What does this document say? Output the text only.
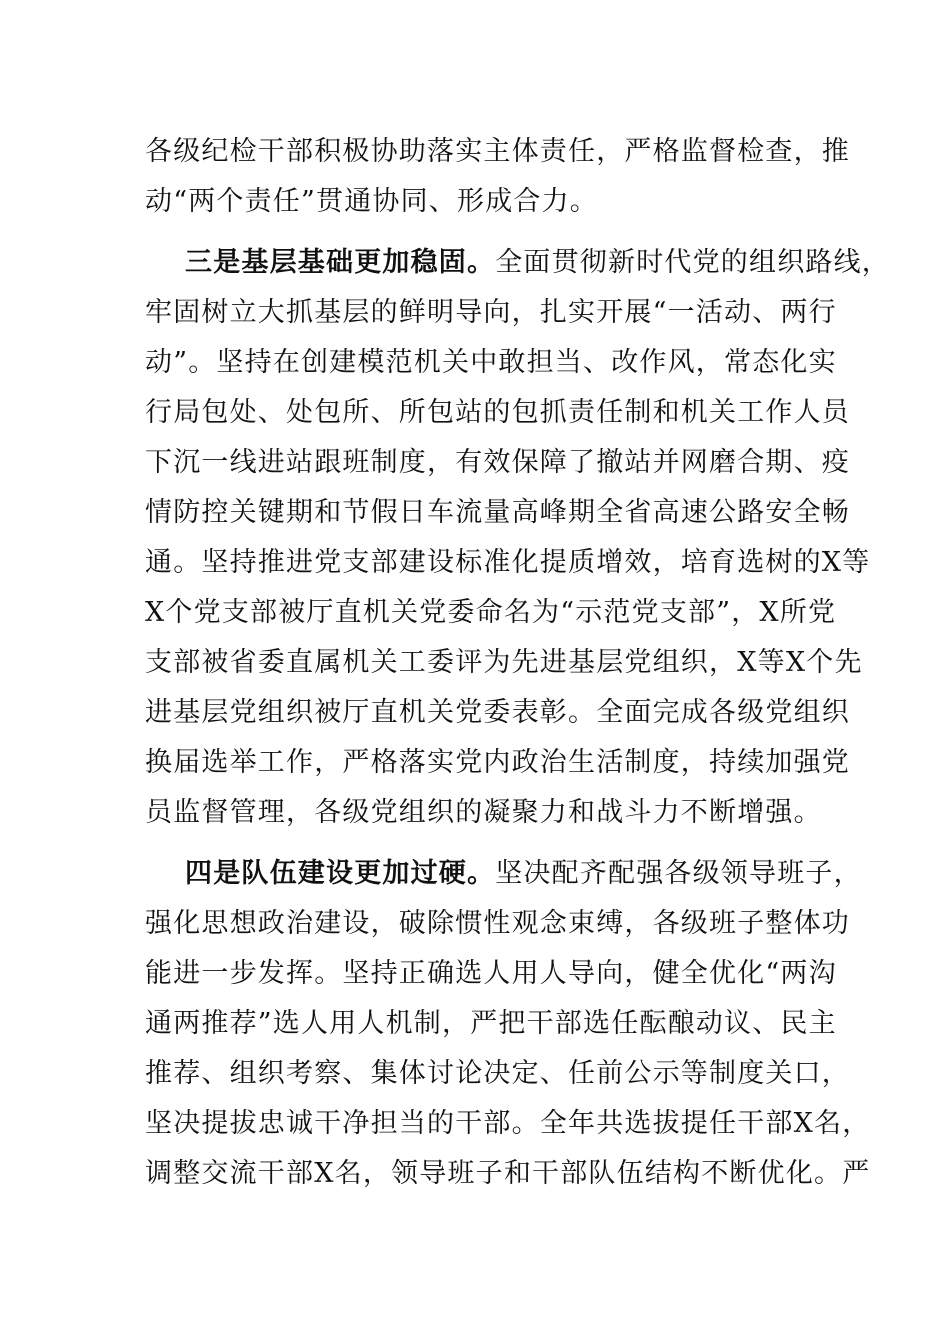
各级纪检干部积极协助落实主体责任，严格监督检查，推
动“两个责任”贯通协同、形成合力。
三是基层基础更加稳固。全面贯彻新时代党的组织路线，
牢固树立大抓基层的鲜明导向，扎实开展“一活动、两行
动”。坚持在创建模范机关中敢担当、改作风，常态化实
行局包处、处包所、所包站的包抓责任制和机关工作人员
下沉一线进站跟班制度，有效保障了撤站并网磨合期、疫
情防控关键期和节假日车流量高峰期全省高速公路安全畅
通。坚持推进党支部建设标准化提质增效，培育选树的X等
X个党支部被厅直机关党委命名为“示范党支部”，X所党
支部被省委直属机关工委评为先进基层党组织，X等X个先
进基层党组织被厅直机关党委表彰。全面完成各级党组织
换届选举工作，严格落实党内政治生活制度，持续加强党
员监督管理，各级党组织的凝聚力和战斗力不断增强。
四是队伍建设更加过硬。坚决配齐配强各级领导班子，
强化思想政治建设，破除惯性观念束缚，各级班子整体功
能进一步发挥。坚持正确选人用人导向，健全优化“两沟
通两推荐”选人用人机制，严把干部选任酝酿动议、民主
推荐、组织考察、集体讨论决定、任前公示等制度关口，
坚决提拔忠诚干净担当的干部。全年共选拔提任干部X名，
调整交流干部X名，领导班子和干部队伍结构不断优化。严
